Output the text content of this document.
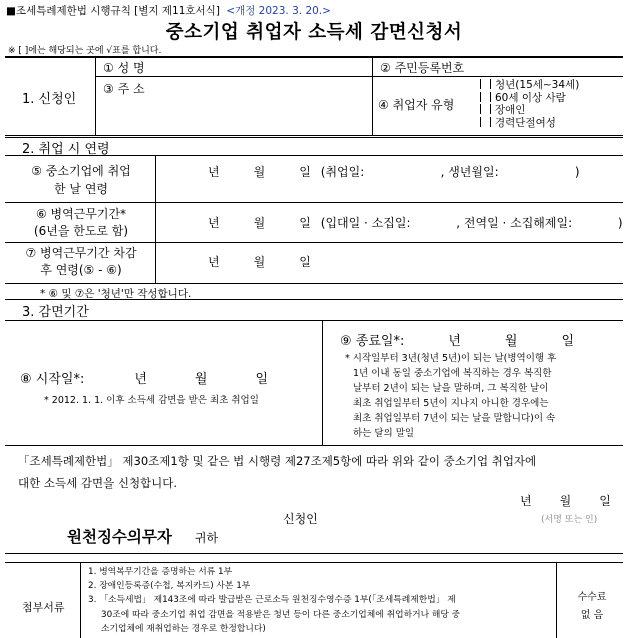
■조세특례제한법 시행규칙 [별지 제11호서식] <개정 2023. 3. 20.>
중소기업 취업자 소득세 감면신청서
※ [ ]에는 해당되는 곳에 √표를 합니다.
1. 신청인
① 성 명	② 주민등록번호
③ 주 소
④ 취업자 유형
청년(15세∼34세)
60세 이상 사람
장애인
경력단절여성
2. 취업 시 연령
⑤ 중소기업에 취업
한 날 연령
년	월	일 (취업일:                    , 생년월일:                    )
⑥ 병역근무기간*
(6년을 한도로 함)
년	월	일 (입대일 · 소집일:            , 전역일 · 소집해제일:            )
⑦ 병역근무기간 차감
후 연령(⑤ - ⑥)
년	월	일
* ⑥ 및 ⑦은 '청년'만 작성합니다.
3. 감면기간
⑧ 시작일*:	년	월	일
* 2012. 1. 1. 이후 소득세 감면을 받은 최초 취업일
⑨ 종료일*:	년	월	일
* 시작일부터 3년(청년 5년)이 되는 날(병역이행 후
1년 이내 동일 중소기업에 복직하는 경우 복직한
날부터 2년이 되는 날을 말하며, 그 복직한 날이
최초 취업일부터 5년이 지나지 아니한 경우에는
최초 취업일부터 7년이 되는 날을 말합니다)이 속
하는 달의 말일
「조세특례제한법」 제30조제1항 및 같은 법 시행령 제27조제5항에 따라 위와 같이 중소기업 취업자에
대한 소득세 감면을 신청합니다.
년 월 일
신청인	(서명 또는 인)
원천징수의무자 귀하
첨부서류
1. 병역복무기간을 증명하는 서류 1부
2. 장애인등록증(수첩, 복지카드) 사본 1부
3. 「소득세법」 제143조에 따라 발급받은 근로소득 원천징수영수증 1부(「조세특례제한법」 제
30조에 따라 중소기업 취업 감면을 적용받은 청년 등이 다른 중소기업체에 취업하거나 해당 중
소기업체에 재취업하는 경우로 한정합니다)
수수료
없 음
